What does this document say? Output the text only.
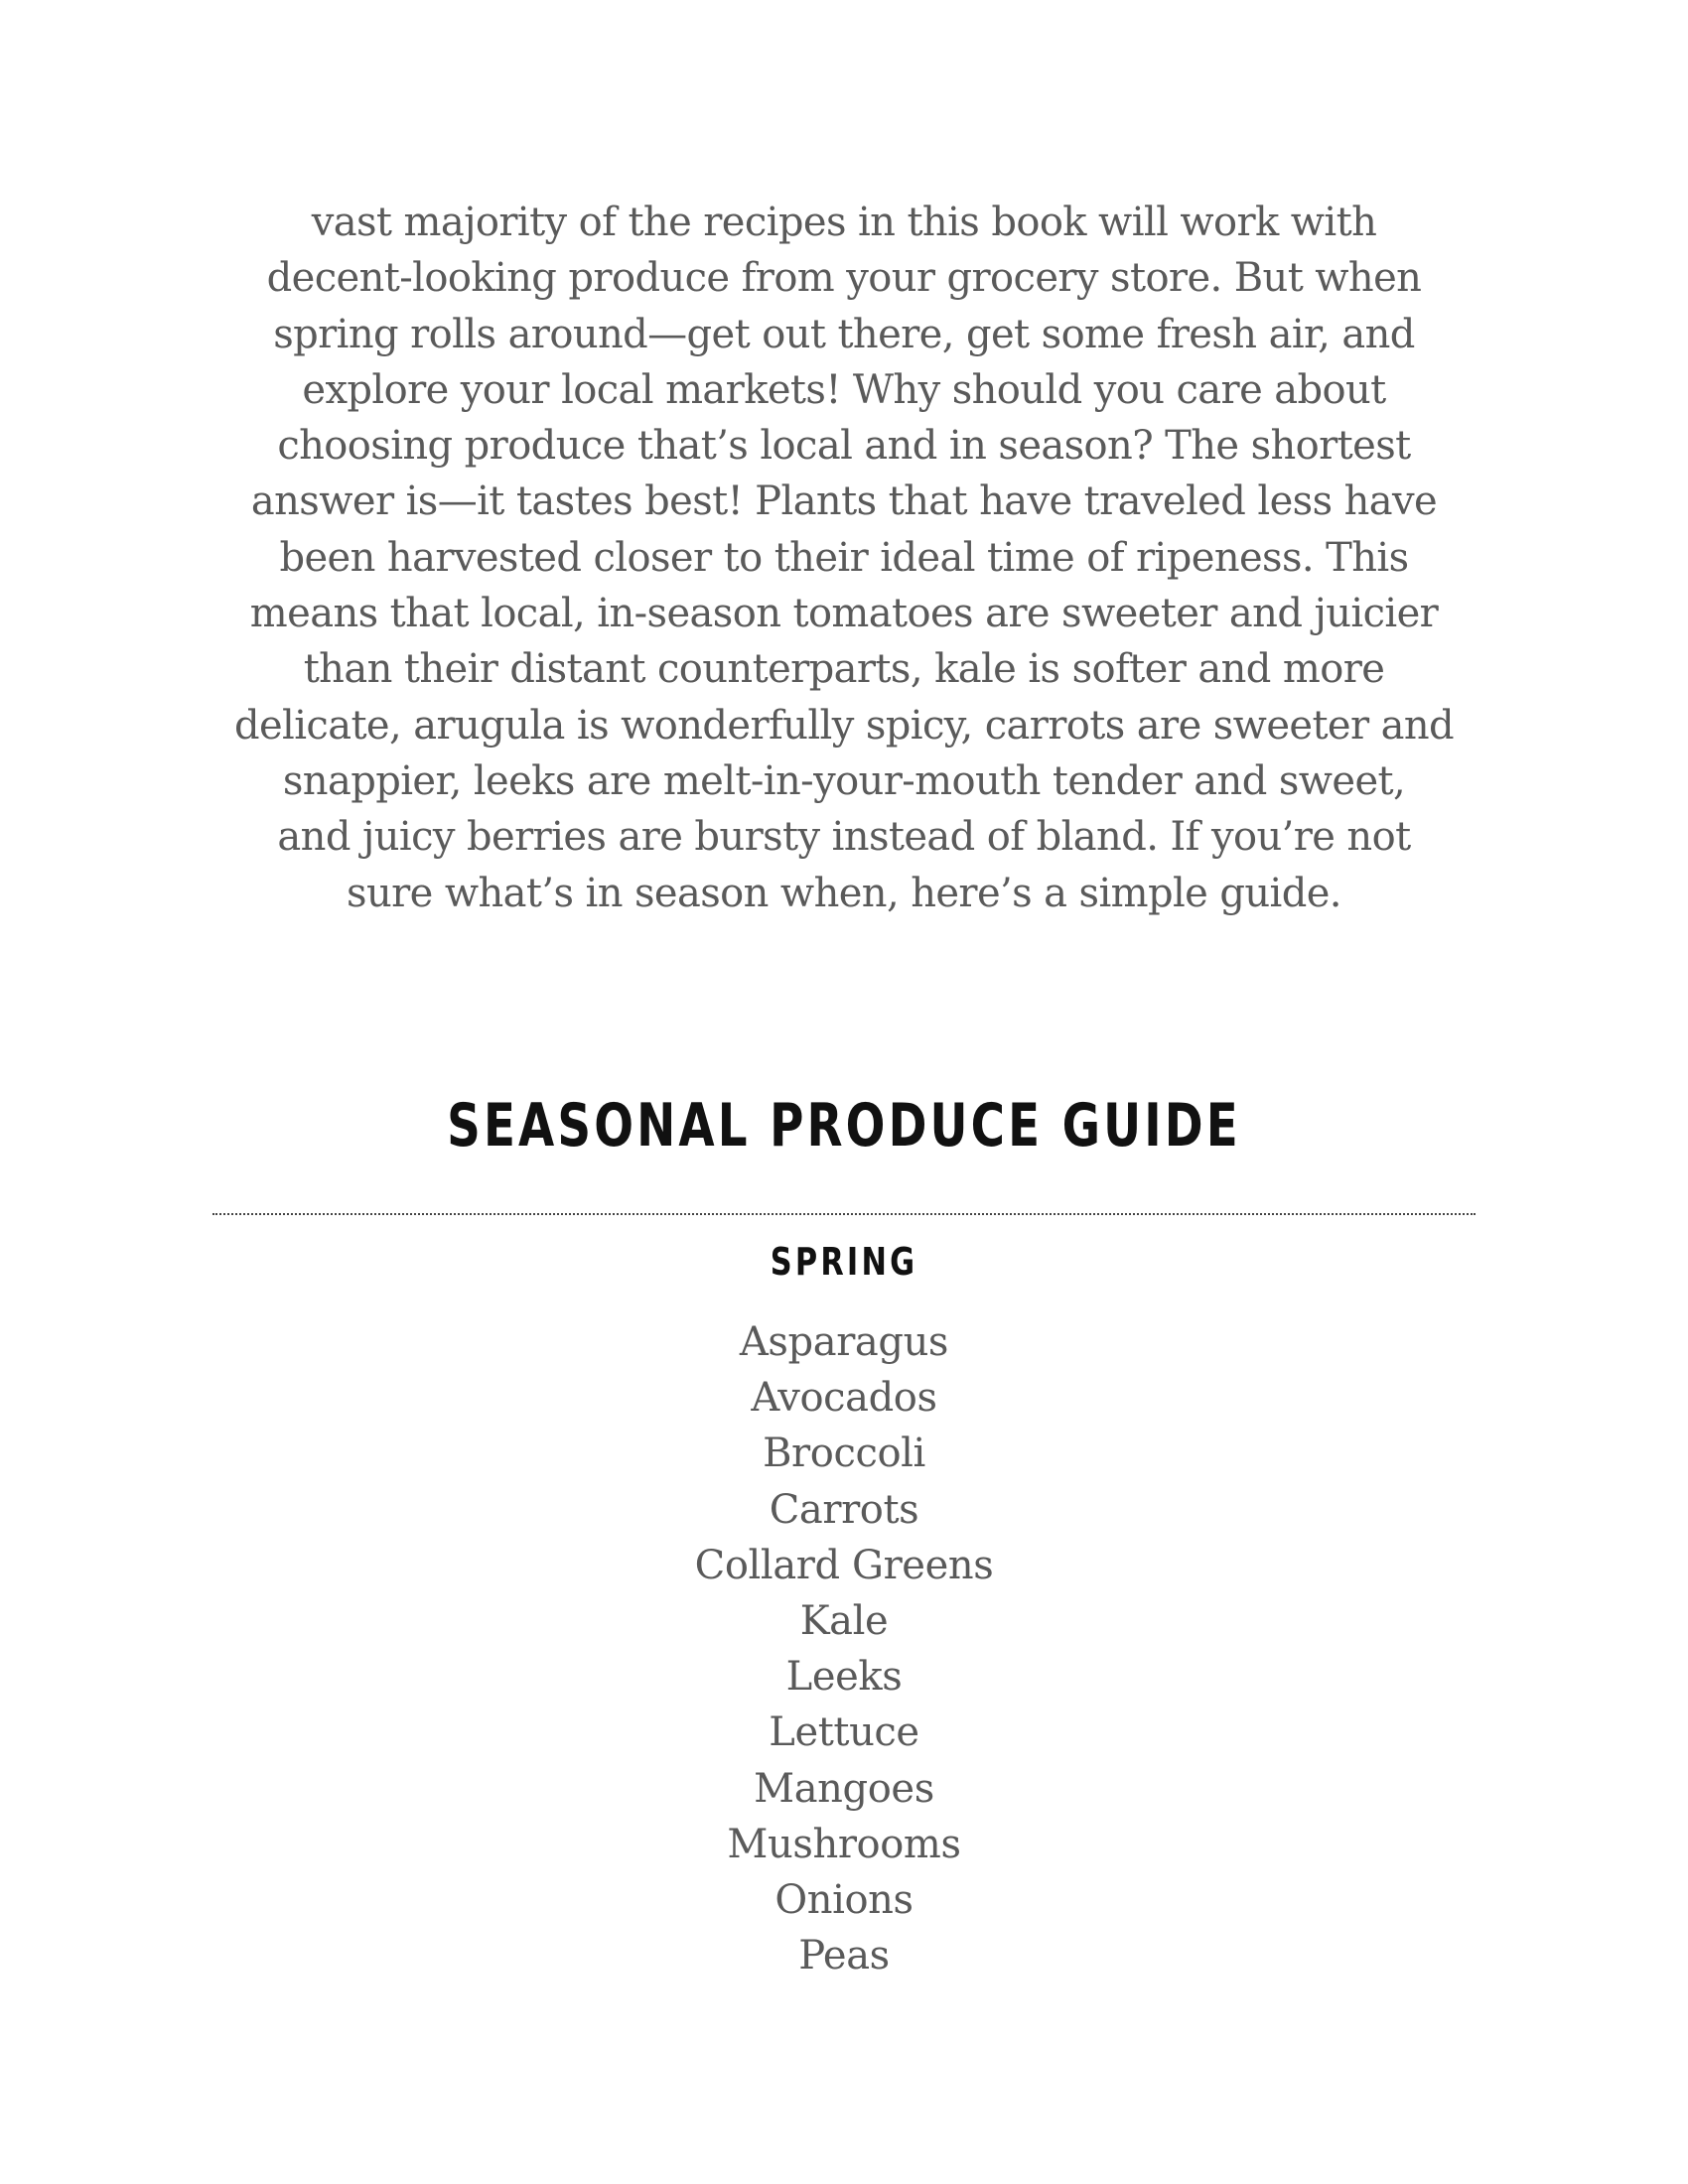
vast majority of the recipes in this book will work with
decent-looking produce from your grocery store. But when
spring rolls around—get out there, get some fresh air, and
explore your local markets! Why should you care about
choosing produce that’s local and in season? The shortest
answer is—it tastes best! Plants that have traveled less have
been harvested closer to their ideal time of ripeness. This
means that local, in-season tomatoes are sweeter and juicier
than their distant counterparts, kale is softer and more
delicate, arugula is wonderfully spicy, carrots are sweeter and
snappier, leeks are melt-in-your-mouth tender and sweet,
and juicy berries are bursty instead of bland. If you’re not
sure what’s in season when, here’s a simple guide.

SEASONAL PRODUCE GUIDE
SPRING
Asparagus
Avocados
Broccoli
Carrots
Collard Greens
Kale
Leeks
Lettuce
Mangoes
Mushrooms
Onions
Peas
